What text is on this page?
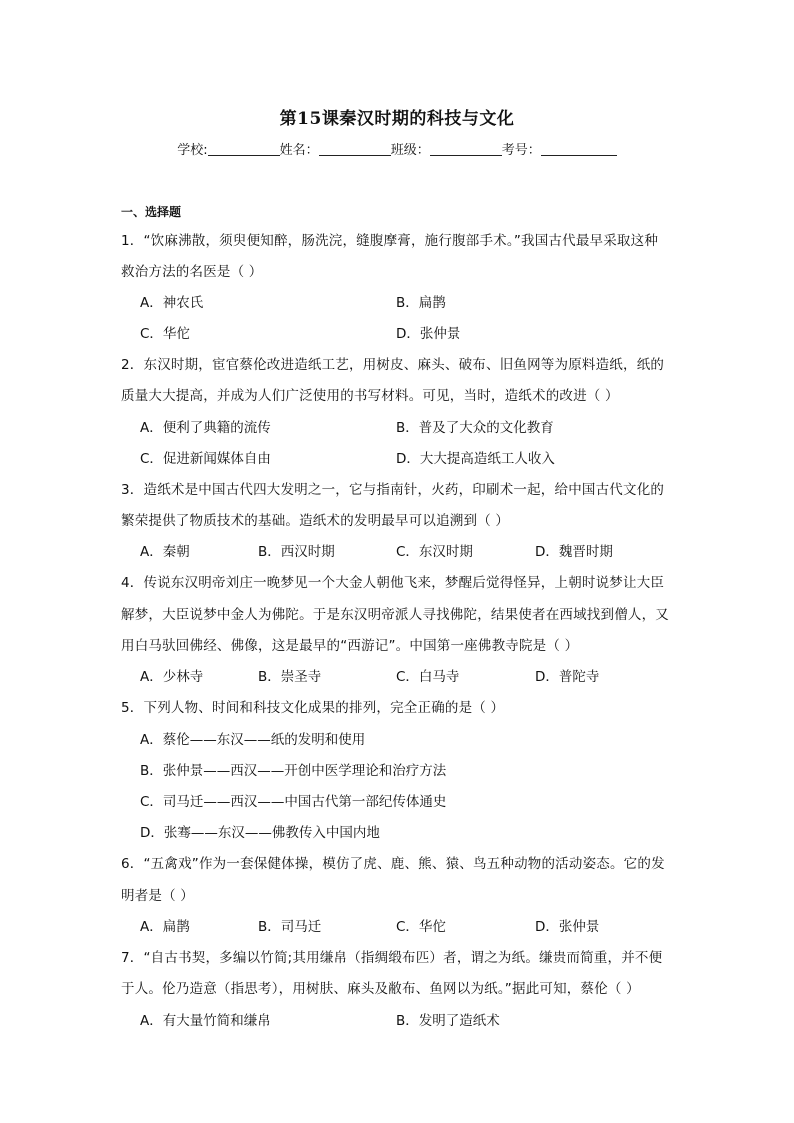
第15课秦汉时期的科技与文化
学校:	姓名：	班级：	考号：
一、选择题
1．“饮麻沸散，须臾便知醉，肠洗浣，缝腹摩膏，施行腹部手术。”我国古代最早采取这种
救治方法的名医是（ ）
A．神农氏	B．扁鹊
C．华佗	D．张仲景
2．东汉时期，宦官蔡伦改进造纸工艺，用树皮、麻头、破布、旧鱼网等为原料造纸，纸的
质量大大提高，并成为人们广泛使用的书写材料。可见，当时，造纸术的改进（ ）
A．便利了典籍的流传	B．普及了大众的文化教育
C．促进新闻媒体自由	D．大大提高造纸工人收入
3．造纸术是中国古代四大发明之一，它与指南针，火药，印刷术一起，给中国古代文化的
繁荣提供了物质技术的基础。造纸术的发明最早可以追溯到（ ）
A．秦朝	B．西汉时期	C．东汉时期	D．魏晋时期
4．传说东汉明帝刘庄一晚梦见一个大金人朝他飞来，梦醒后觉得怪异，上朝时说梦让大臣
解梦，大臣说梦中金人为佛陀。于是东汉明帝派人寻找佛陀，结果使者在西域找到僧人，又
用白马驮回佛经、佛像，这是最早的“西游记”。中国第一座佛教寺院是（ ）
A．少林寺	B．崇圣寺	C．白马寺	D．普陀寺
5．下列人物、时间和科技文化成果的排列，完全正确的是（ ）
A．蔡伦——东汉——纸的发明和使用
B．张仲景——西汉——开创中医学理论和治疗方法
C．司马迁——西汉——中国古代第一部纪传体通史
D．张骞——东汉——佛教传入中国内地
6．“五禽戏”作为一套保健体操，模仿了虎、鹿、熊、猿、鸟五种动物的活动姿态。它的发
明者是（ ）
A．扁鹊	B．司马迁	C．华佗	D．张仲景
7．“自古书契，多编以竹简;其用缣帛（指绸缎布匹）者，谓之为纸。缣贵而简重，并不便
于人。伦乃造意（指思考），用树肤、麻头及敝布、鱼网以为纸。”据此可知，蔡伦（ ）
A．有大量竹简和缣帛	B．发明了造纸术
